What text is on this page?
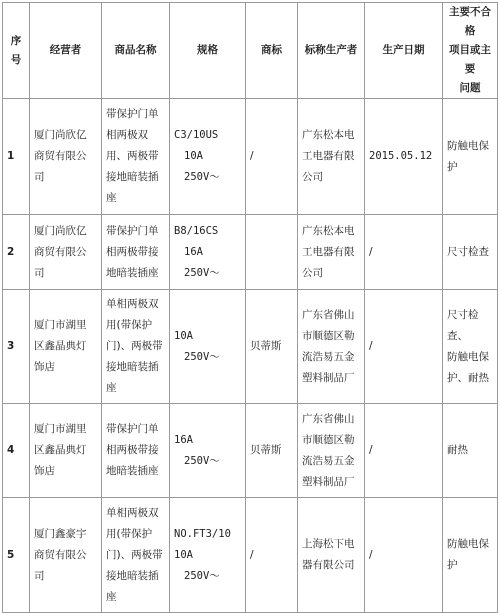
序
号	经营者	商品名称	规格	商标	标称生产者	生产日期	主要不合格
项目或主要
问题

1	厦门尚欣亿
商贸有限公
司	带保护门单
相两极双
用、两极带
接地暗装插
座	C3/10US
10A
250V～	/	广东松本电
工电器有限
公司	2015.05.12	防触电保护

2	厦门尚欣亿
商贸有限公
司	带保护门单
相两极带接
地暗装插座	B8/16CS
16A
250V～		广东松本电
工电器有限
公司	/	尺寸检查

3	厦门市湖里
区鑫晶典灯
饰店	单相两极双
用(带保护
门)、两极带
接地暗装插
座	10A
250V～	贝蒂斯	广东省佛山
市顺德区勒
流浩易五金
塑料制品厂	/	尺寸检查、
防触电保
护、耐热

4	厦门市湖里
区鑫晶典灯
饰店	带保护门单
相两极带接
地暗装插座	16A
250V～	贝蒂斯	广东省佛山
市顺德区勒
流浩易五金
塑料制品厂	/	耐热

5	厦门鑫豪宇
商贸有限公
司	单相两极双
用(带保护
门)、两极带
接地暗装插
座	NO.FT3/10
10A
250V～	/	上海松下电
器有限公司	/	防触电保护
